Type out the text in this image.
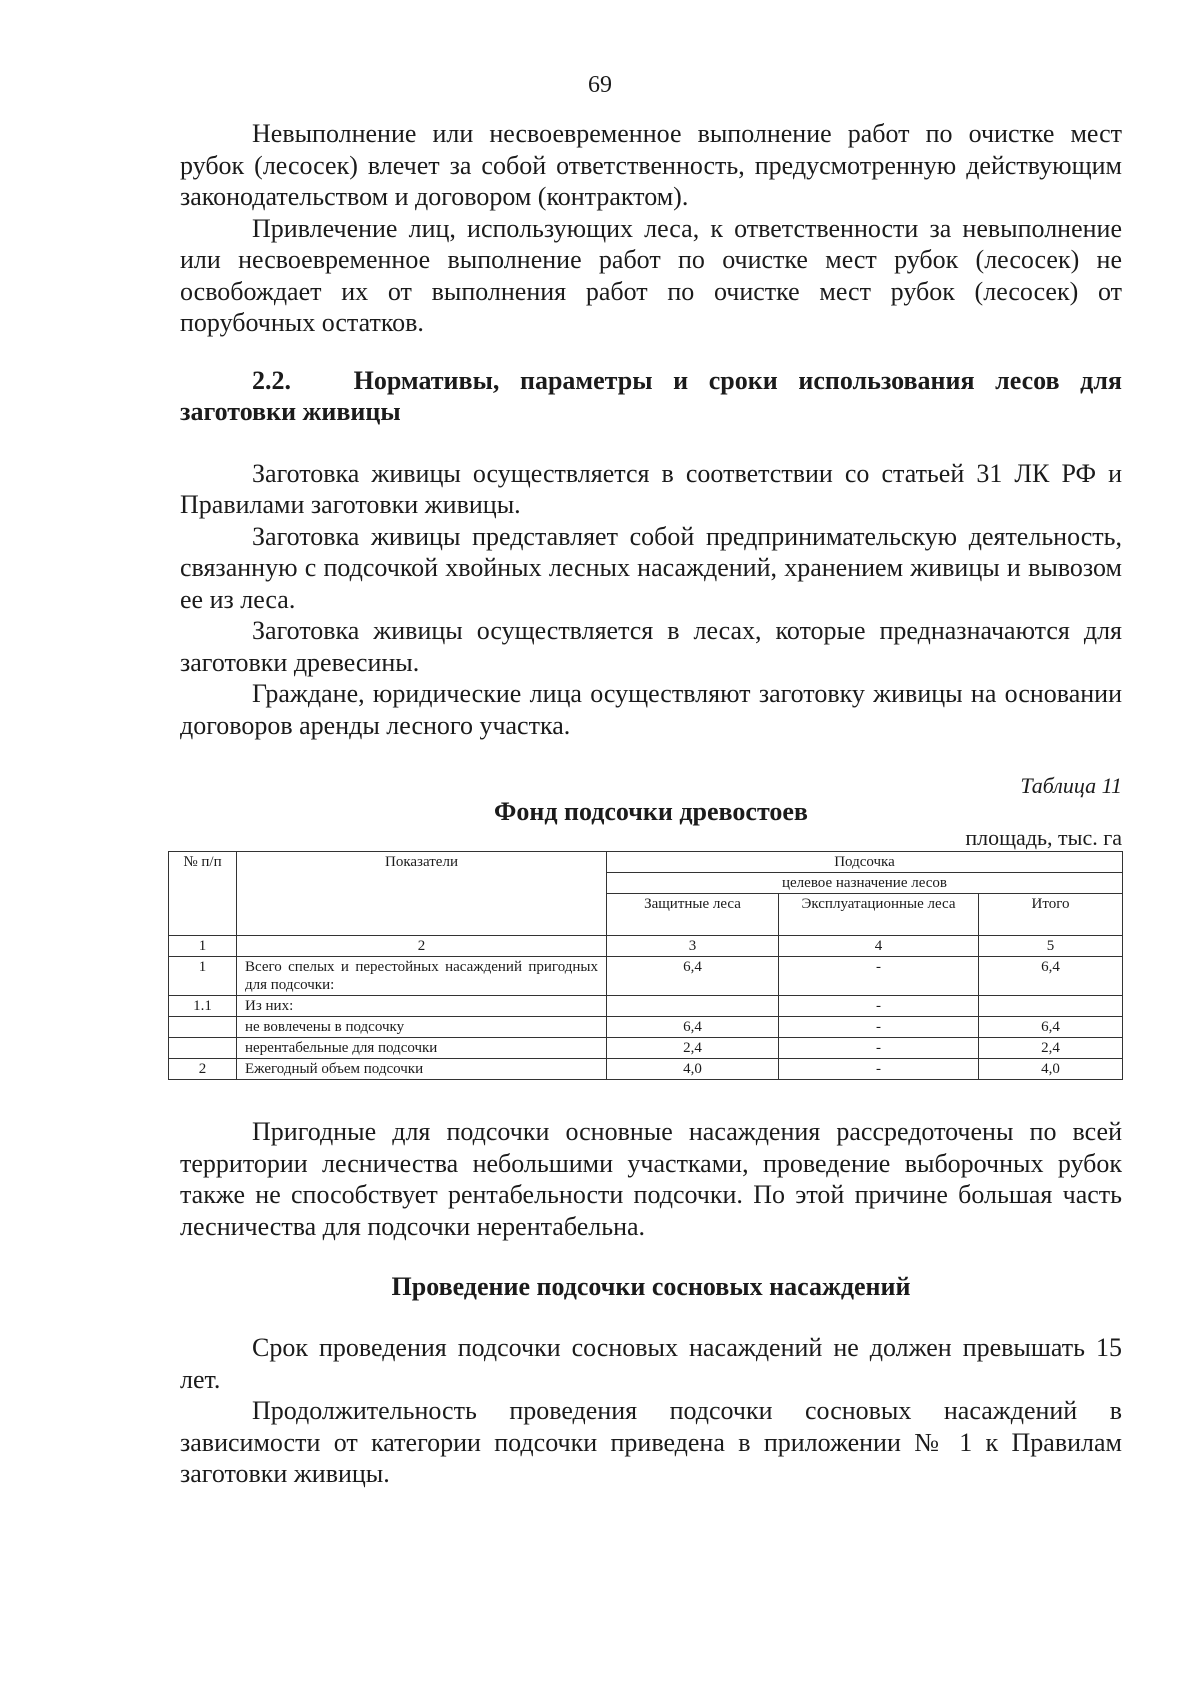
69

Невыполнение или несвоевременное выполнение работ по очистке мест рубок (лесосек) влечет за собой ответственность, предусмотренную действующим законодательством и договором (контрактом).

Привлечение лиц, использующих леса, к ответственности за невыполнение или несвоевременное выполнение работ по очистке мест рубок (лесосек) не освобождает их от выполнения работ по очистке мест рубок (лесосек) от порубочных остатков.

2.2. Нормативы, параметры и сроки использования лесов для заготовки живицы

Заготовка живицы осуществляется в соответствии со статьей 31 ЛК РФ и Правилами заготовки живицы.

Заготовка живицы представляет собой предпринимательскую деятельность, связанную с подсочкой хвойных лесных насаждений, хранением живицы и вывозом ее из леса.

Заготовка живицы осуществляется в лесах, которые предназначаются для заготовки древесины.

Граждане, юридические лица осуществляют заготовку живицы на основании договоров аренды лесного участка.

Таблица 11

Фонд подсочки древостоев

площадь, тыс. га

№ п/п	Показатели	Подсочка		
		целевое назначение лесов		
		Защитные леса	Эксплуатационные леса	Итого
1	2	3	4	5
1	Всего спелых и перестойных насаждений пригодных для подсочки:	6,4	-	6,4
1.1	Из них:		-	
	не вовлечены в подсочку	6,4	-	6,4
	нерентабельные для подсочки	2,4	-	2,4
2	Ежегодный объем подсочки	4,0	-	4,0

Пригодные для подсочки основные насаждения рассредоточены по всей территории лесничества небольшими участками, проведение выборочных рубок также не способствует рентабельности подсочки. По этой причине большая часть лесничества для подсочки нерентабельна.

Проведение подсочки сосновых насаждений

Срок проведения подсочки сосновых насаждений не должен превышать 15 лет.

Продолжительность проведения подсочки сосновых насаждений в зависимости от категории подсочки приведена в приложении № 1 к Правилам заготовки живицы.
